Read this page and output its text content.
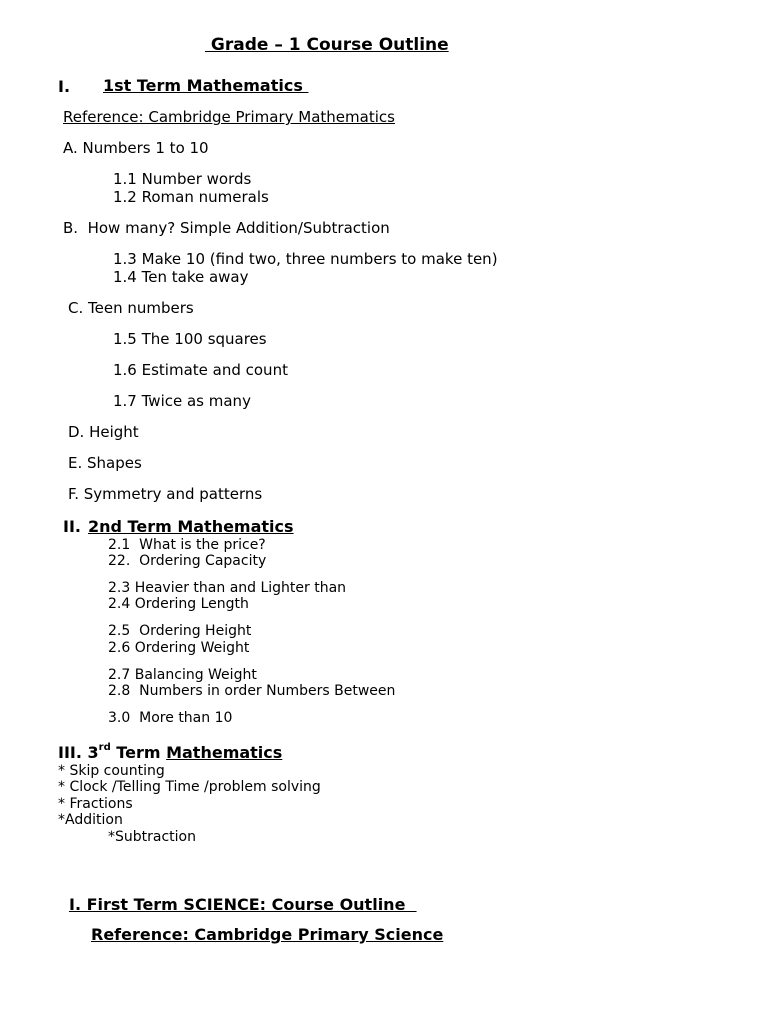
Grade – 1 Course Outline
I. 1st Term Mathematics
Reference: Cambridge Primary Mathematics
A. Numbers 1 to 10
1.1 Number words
1.2 Roman numerals
B.  How many? Simple Addition/Subtraction
1.3 Make 10 (find two, three numbers to make ten)
1.4 Ten take away
C. Teen numbers
1.5 The 100 squares
1.6 Estimate and count
1.7 Twice as many
D. Height
E. Shapes
F. Symmetry and patterns
II. 2nd Term Mathematics
2.1  What is the price?
22.  Ordering Capacity
2.3 Heavier than and Lighter than
2.4 Ordering Length
2.5  Ordering Height
2.6 Ordering Weight
2.7 Balancing Weight
2.8  Numbers in order Numbers Between
3.0  More than 10
III. 3rd Term Mathematics
* Skip counting
* Clock /Telling Time /problem solving
* Fractions
*Addition
*Subtraction
I. First Term SCIENCE: Course Outline
Reference: Cambridge Primary Science
